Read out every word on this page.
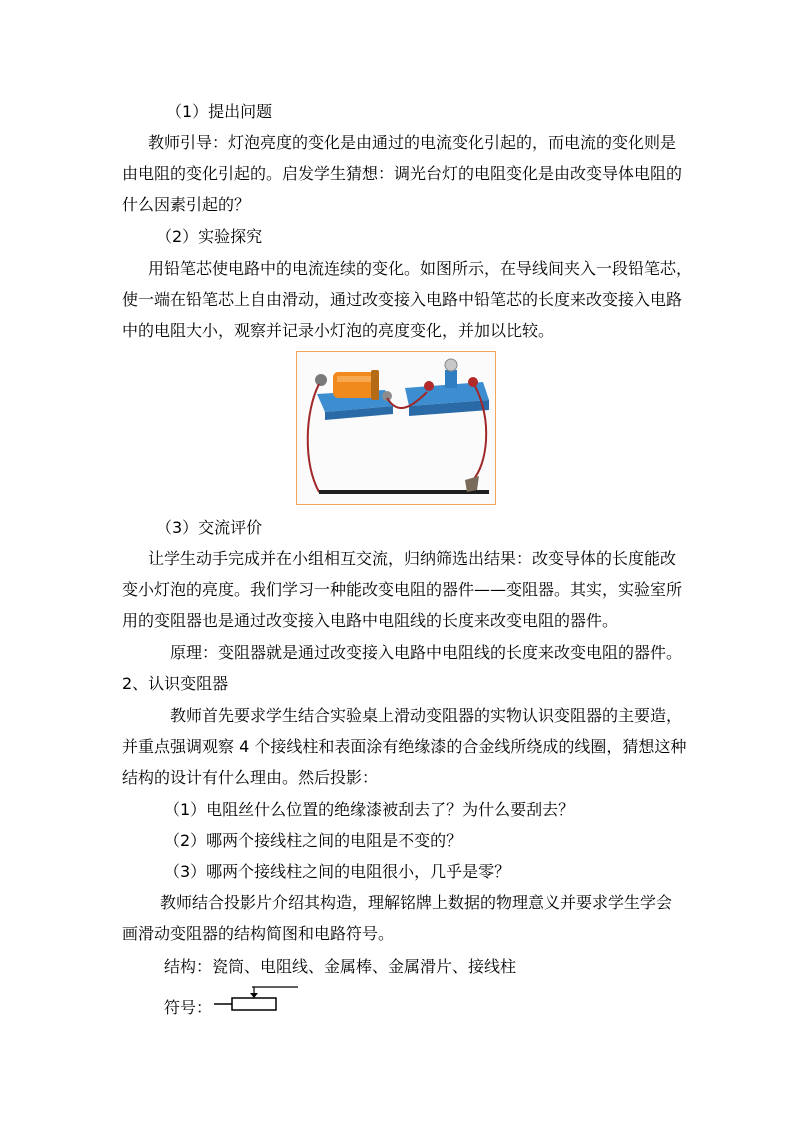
（1）提出问题
教师引导：灯泡亮度的变化是由通过的电流变化引起的，而电流的变化则是
由电阻的变化引起的。启发学生猜想：调光台灯的电阻变化是由改变导体电阻的
什么因素引起的？
（2）实验探究
用铅笔芯使电路中的电流连续的变化。如图所示，在导线间夹入一段铅笔芯，
使一端在铅笔芯上自由滑动，通过改变接入电路中铅笔芯的长度来改变接入电路
中的电阻大小，观察并记录小灯泡的亮度变化，并加以比较。
（3）交流评价
让学生动手完成并在小组相互交流，归纳筛选出结果：改变导体的长度能改
变小灯泡的亮度。我们学习一种能改变电阻的器件——变阻器。其实，实验室所
用的变阻器也是通过改变接入电路中电阻线的长度来改变电阻的器件。
原理：变阻器就是通过改变接入电路中电阻线的长度来改变电阻的器件。
2、认识变阻器
教师首先要求学生结合实验桌上滑动变阻器的实物认识变阻器的主要造，
并重点强调观察 4 个接线柱和表面涂有绝缘漆的合金线所绕成的线圈，猜想这种
结构的设计有什么理由。然后投影：
（1）电阻丝什么位置的绝缘漆被刮去了？为什么要刮去？
（2）哪两个接线柱之间的电阻是不变的？
（3）哪两个接线柱之间的电阻很小，几乎是零？
教师结合投影片介绍其构造，理解铭牌上数据的物理意义并要求学生学会
画滑动变阻器的结构简图和电路符号。
结构：瓷筒、电阻线、金属棒、金属滑片、接线柱
符号：
